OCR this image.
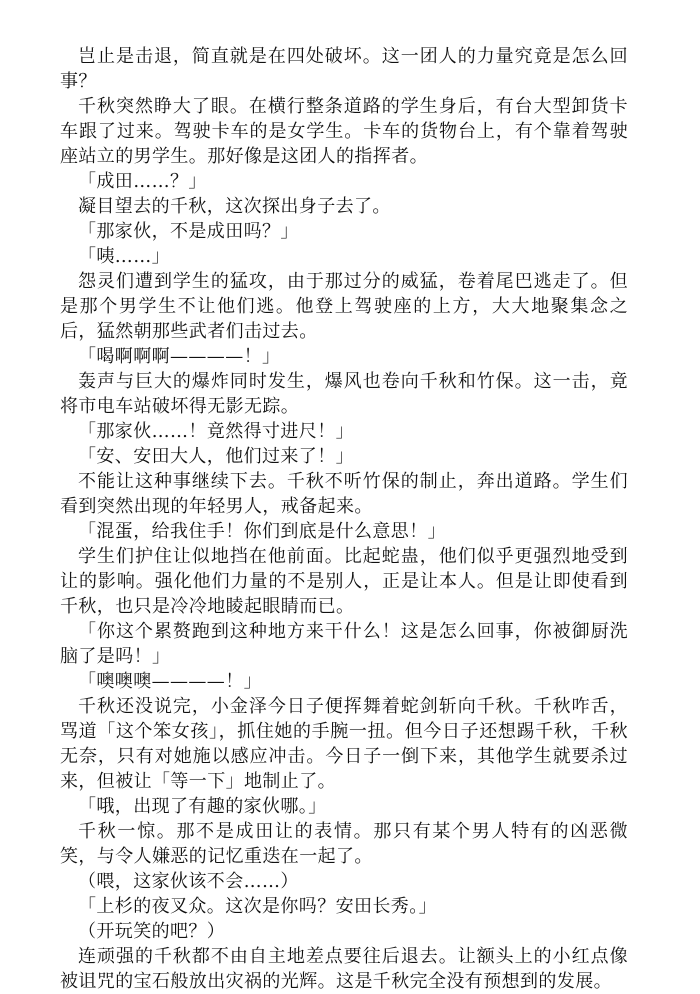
岂止是击退，简直就是在四处破坏。这一团人的力量究竟是怎么回事？

千秋突然睁大了眼。在横行整条道路的学生身后，有台大型卸货卡车跟了过来。驾驶卡车的是女学生。卡车的货物台上，有个靠着驾驶座站立的男学生。那好像是这团人的指挥者。

「成田……？」

凝目望去的千秋，这次探出身子去了。

「那家伙，不是成田吗？」

「咦……」

怨灵们遭到学生的猛攻，由于那过分的威猛，卷着尾巴逃走了。但是那个男学生不让他们逃。他登上驾驶座的上方，大大地聚集念之后，猛然朝那些武者们击过去。

「喝啊啊啊————！」

轰声与巨大的爆炸同时发生，爆风也卷向千秋和竹保。这一击，竟将市电车站破坏得无影无踪。

「那家伙……！竟然得寸进尺！」

「安、安田大人，他们过来了！」

不能让这种事继续下去。千秋不听竹保的制止，奔出道路。学生们看到突然出现的年轻男人，戒备起来。

「混蛋，给我住手！你们到底是什么意思！」

学生们护住让似地挡在他前面。比起蛇蛊，他们似乎更强烈地受到让的影响。强化他们力量的不是别人，正是让本人。但是让即使看到千秋，也只是冷冷地睖起眼睛而已。

「你这个累赘跑到这种地方来干什么！这是怎么回事，你被御厨洗脑了是吗！」

「噢噢噢————！」

千秋还没说完，小金泽今日子便挥舞着蛇剑斩向千秋。千秋咋舌，骂道「这个笨女孩」，抓住她的手腕一扭。但今日子还想踢千秋，千秋无奈，只有对她施以感应冲击。今日子一倒下来，其他学生就要杀过来，但被让「等一下」地制止了。

「哦，出现了有趣的家伙哪。」

千秋一惊。那不是成田让的表情。那只有某个男人特有的凶恶微笑，与令人嫌恶的记忆重迭在一起了。

（喂，这家伙该不会……）

「上杉的夜叉众。这次是你吗？安田长秀。」

（开玩笑的吧？）

连顽强的千秋都不由自主地差点要往后退去。让额头上的小红点像被诅咒的宝石般放出灾祸的光辉。这是千秋完全没有预想到的发展。
